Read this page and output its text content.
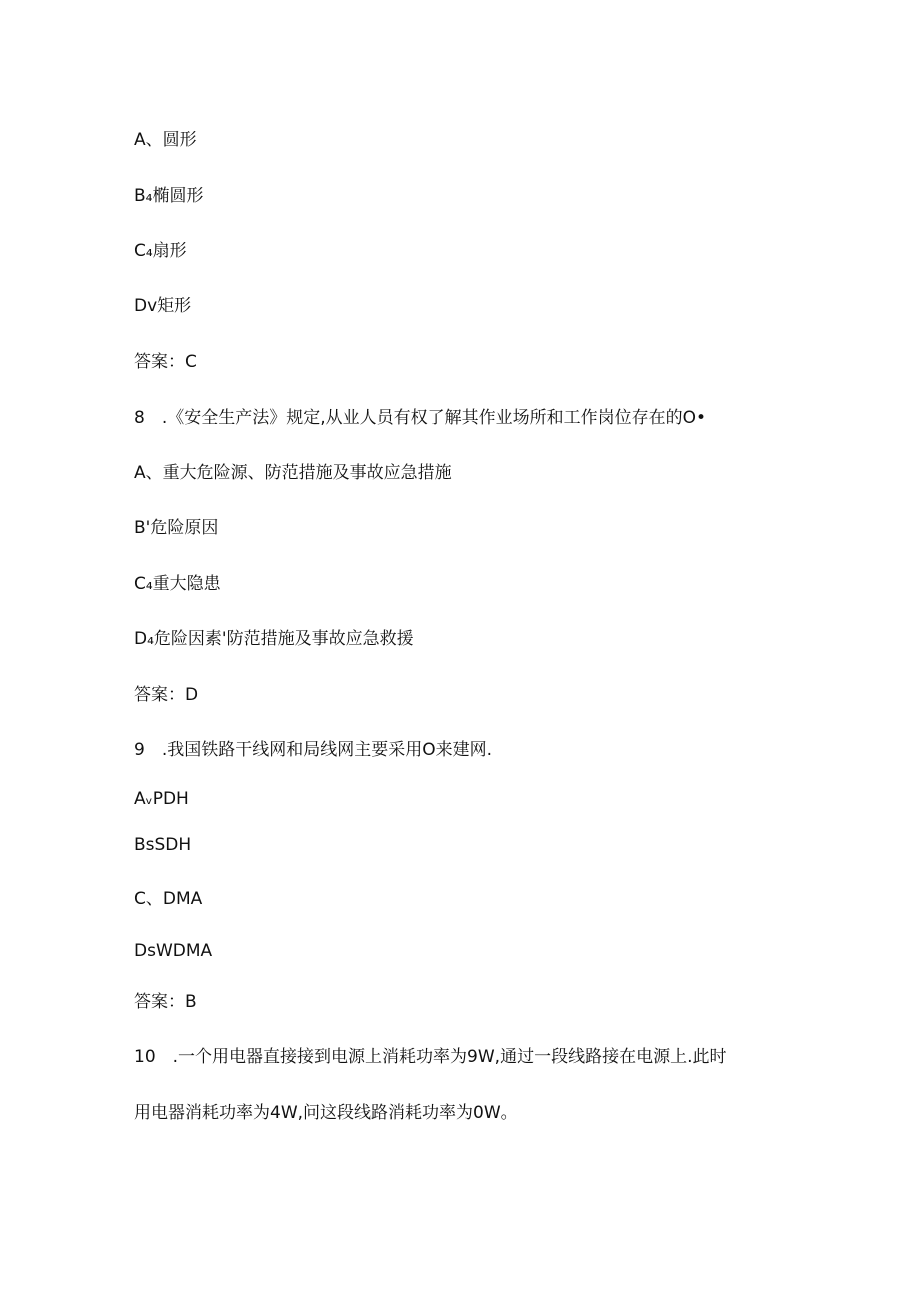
A、圆形
B₄椭圆形
C₄扇形
Dv矩形
答案：C
8　.《安全生产法》规定,从业人员有权了解其作业场所和工作岗位存在的O•
A、重大危险源、防范措施及事故应急措施
B'危险原因
C₄重大隐患
D₄危险因素'防范措施及事故应急救援
答案：D
9　.我国铁路干线网和局线网主要采用O来建网.
AᵥPDH
BsSDH
C、DMA
DsWDMA
答案：B
10　.一个用电器直接接到电源上消耗功率为9W,通过一段线路接在电源上.此时
用电器消耗功率为4W,问这段线路消耗功率为0W。
